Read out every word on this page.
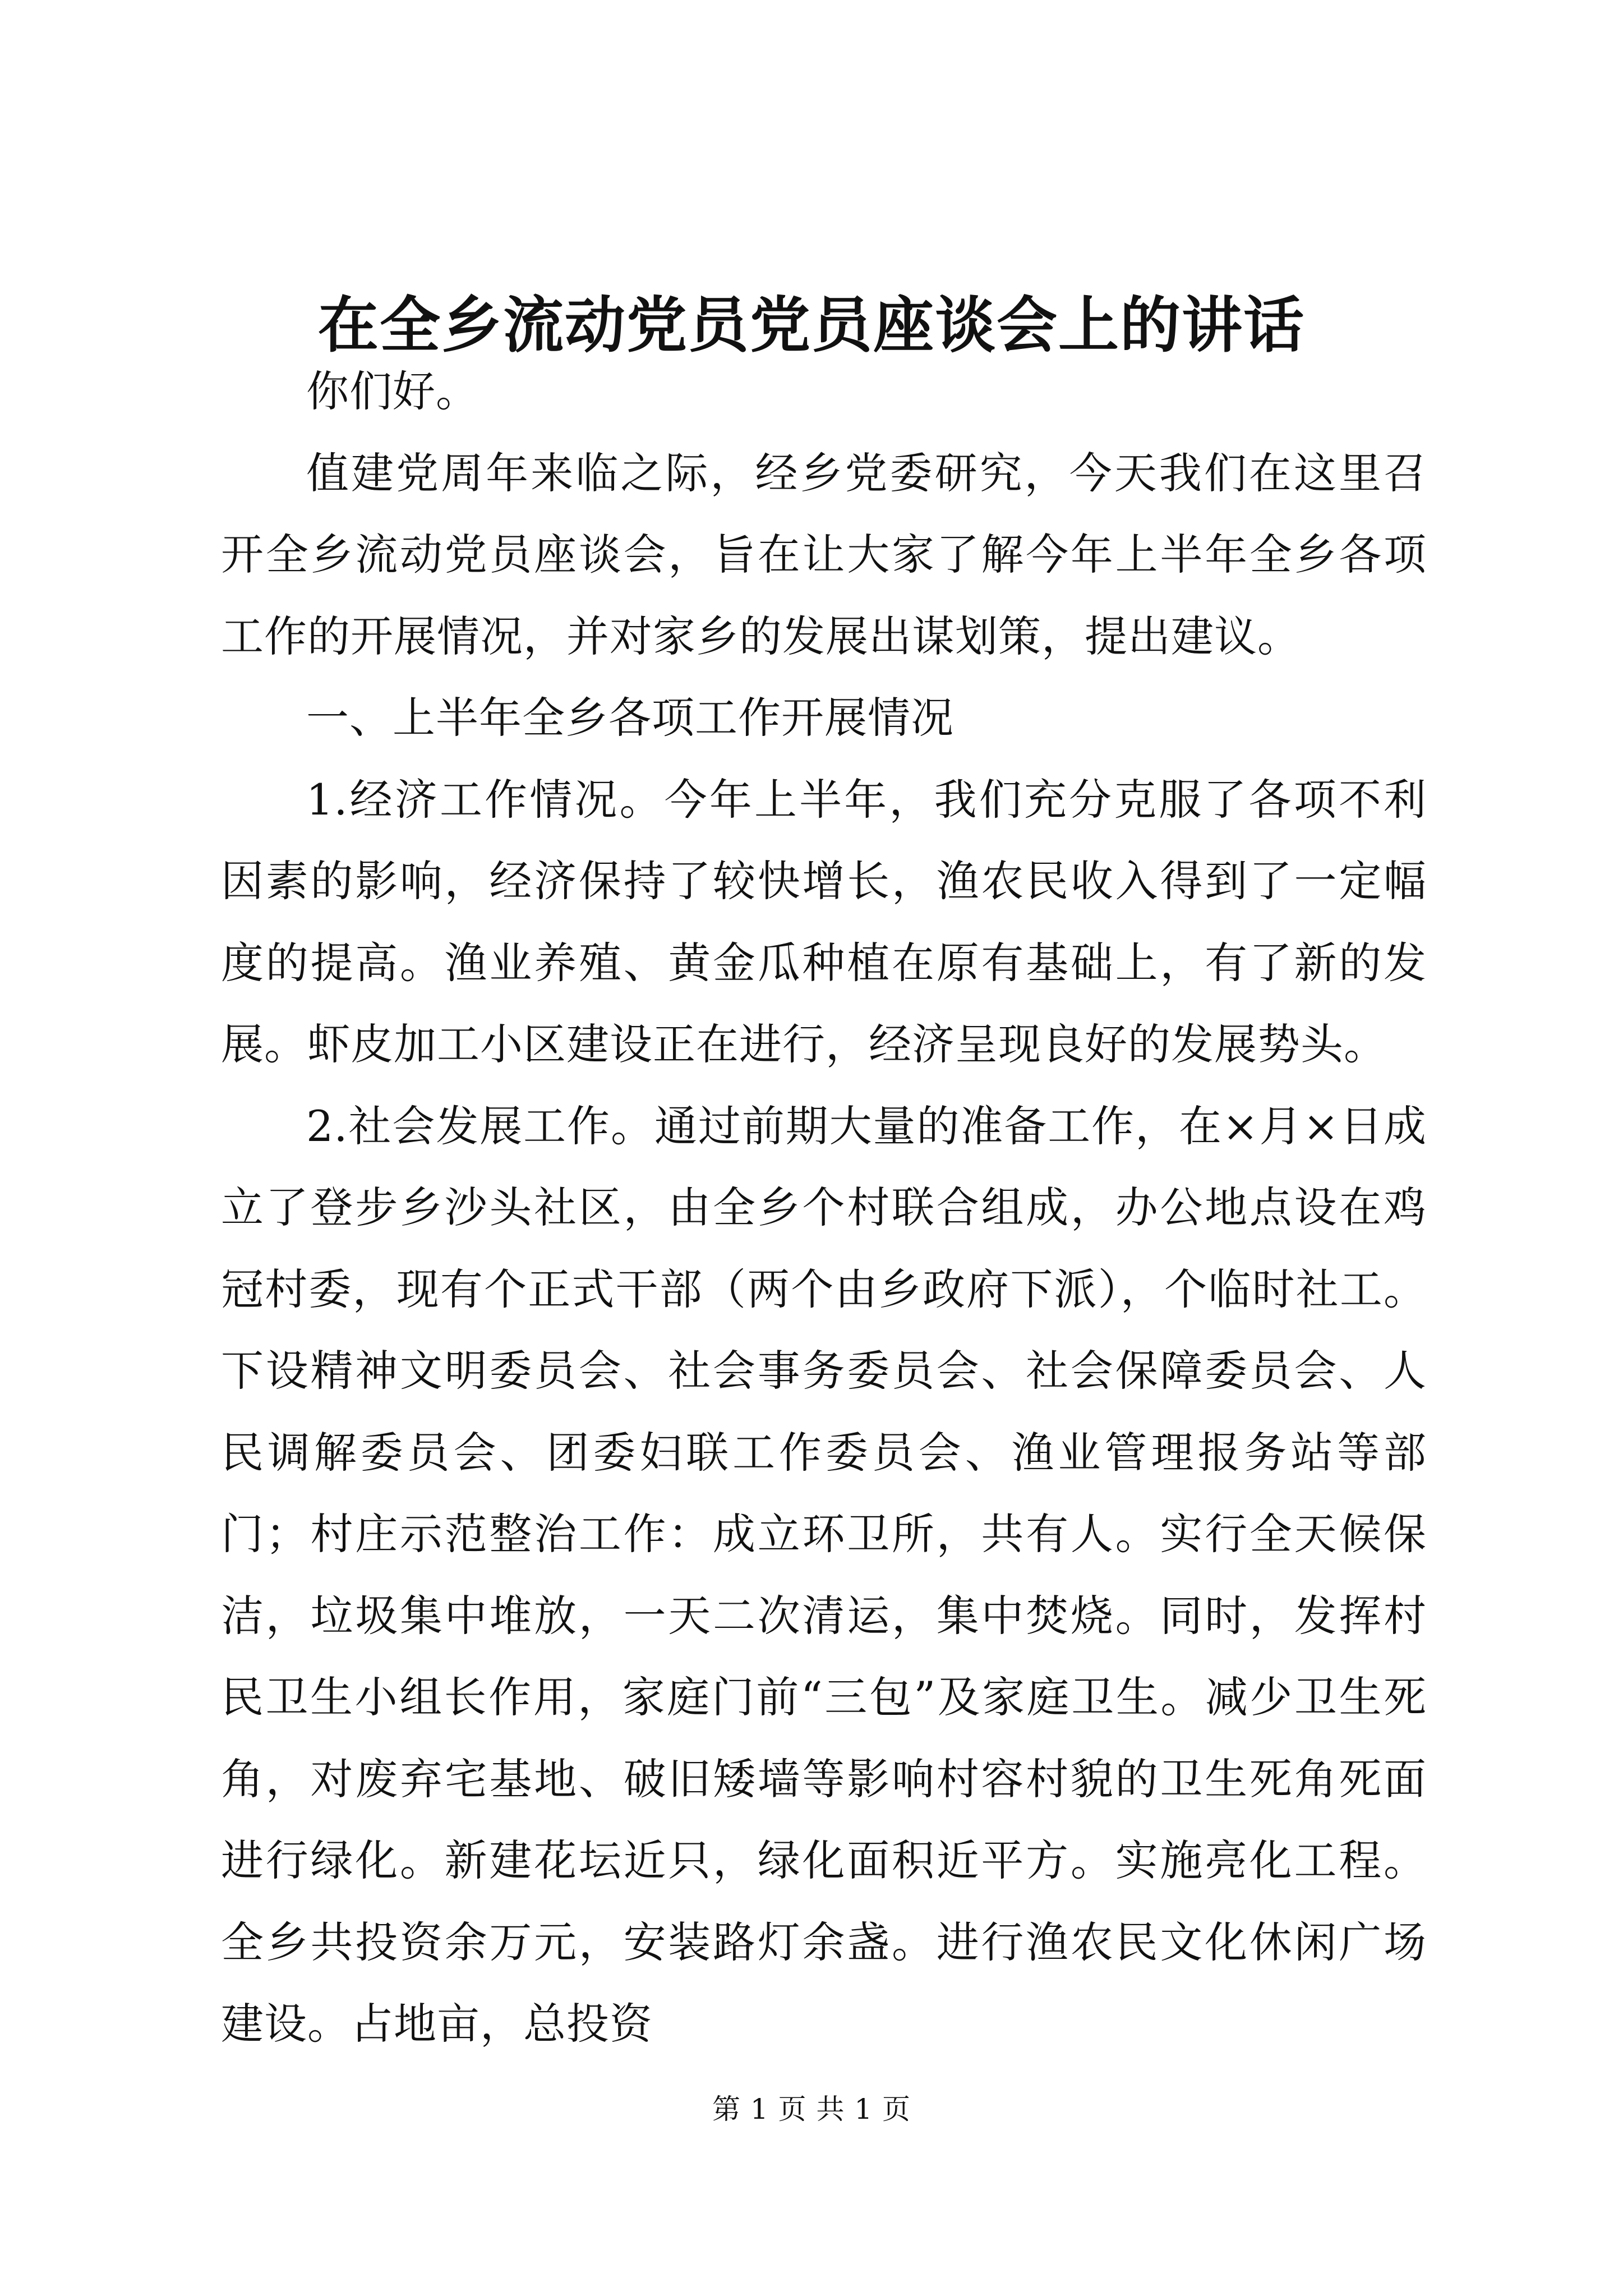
在全乡流动党员党员座谈会上的讲话

你们好。

值建党周年来临之际，经乡党委研究，今天我们在这里召开全乡流动党员座谈会，旨在让大家了解今年上半年全乡各项工作的开展情况，并对家乡的发展出谋划策，提出建议。

一、上半年全乡各项工作开展情况

1.经济工作情况。今年上半年，我们充分克服了各项不利因素的影响，经济保持了较快增长，渔农民收入得到了一定幅度的提高。渔业养殖、黄金瓜种植在原有基础上，有了新的发展。虾皮加工小区建设正在进行，经济呈现良好的发展势头。

2.社会发展工作。通过前期大量的准备工作，在×月×日成立了登步乡沙头社区，由全乡个村联合组成，办公地点设在鸡冠村委，现有个正式干部（两个由乡政府下派），个临时社工。下设精神文明委员会、社会事务委员会、社会保障委员会、人民调解委员会、团委妇联工作委员会、渔业管理报务站等部门；村庄示范整治工作：成立环卫所，共有人。实行全天候保洁，垃圾集中堆放，一天二次清运，集中焚烧。同时，发挥村民卫生小组长作用，家庭门前“三包”及家庭卫生。减少卫生死角，对废弃宅基地、破旧矮墙等影响村容村貌的卫生死角死面进行绿化。新建花坛近只，绿化面积近平方。实施亮化工程。全乡共投资余万元，安装路灯余盏。进行渔农民文化休闲广场建设。占地亩，总投资

第 1 页 共 1 页
